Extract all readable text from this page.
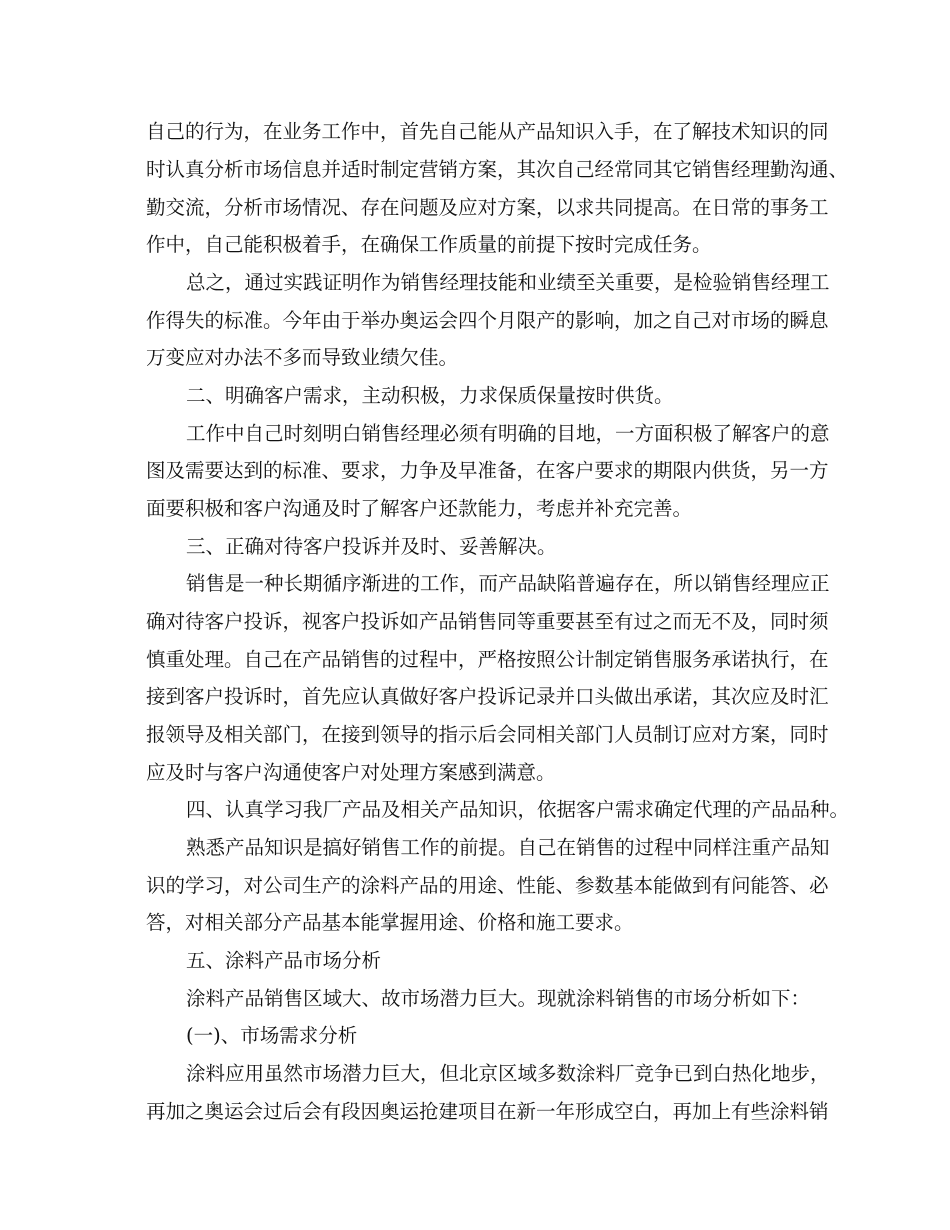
自己的行为，在业务工作中，首先自己能从产品知识入手，在了解技术知识的同
时认真分析市场信息并适时制定营销方案，其次自己经常同其它销售经理勤沟通、
勤交流，分析市场情况、存在问题及应对方案，以求共同提高。在日常的事务工
作中，自己能积极着手，在确保工作质量的前提下按时完成任务。
总之，通过实践证明作为销售经理技能和业绩至关重要，是检验销售经理工
作得失的标准。今年由于举办奥运会四个月限产的影响，加之自己对市场的瞬息
万变应对办法不多而导致业绩欠佳。
二、明确客户需求，主动积极，力求保质保量按时供货。
工作中自己时刻明白销售经理必须有明确的目地，一方面积极了解客户的意
图及需要达到的标准、要求，力争及早准备，在客户要求的期限内供货，另一方
面要积极和客户沟通及时了解客户还款能力，考虑并补充完善。
三、正确对待客户投诉并及时、妥善解决。
销售是一种长期循序渐进的工作，而产品缺陷普遍存在，所以销售经理应正
确对待客户投诉，视客户投诉如产品销售同等重要甚至有过之而无不及，同时须
慎重处理。自己在产品销售的过程中，严格按照公计制定销售服务承诺执行，在
接到客户投诉时，首先应认真做好客户投诉记录并口头做出承诺，其次应及时汇
报领导及相关部门，在接到领导的指示后会同相关部门人员制订应对方案，同时
应及时与客户沟通使客户对处理方案感到满意。
四、认真学习我厂产品及相关产品知识，依据客户需求确定代理的产品品种。
熟悉产品知识是搞好销售工作的前提。自己在销售的过程中同样注重产品知
识的学习，对公司生产的涂料产品的用途、性能、参数基本能做到有问能答、必
答，对相关部分产品基本能掌握用途、价格和施工要求。
五、涂料产品市场分析
涂料产品销售区域大、故市场潜力巨大。现就涂料销售的市场分析如下：
(一)、市场需求分析
涂料应用虽然市场潜力巨大，但北京区域多数涂料厂竞争已到白热化地步，
再加之奥运会过后会有段因奥运抢建项目在新一年形成空白，再加上有些涂料销
